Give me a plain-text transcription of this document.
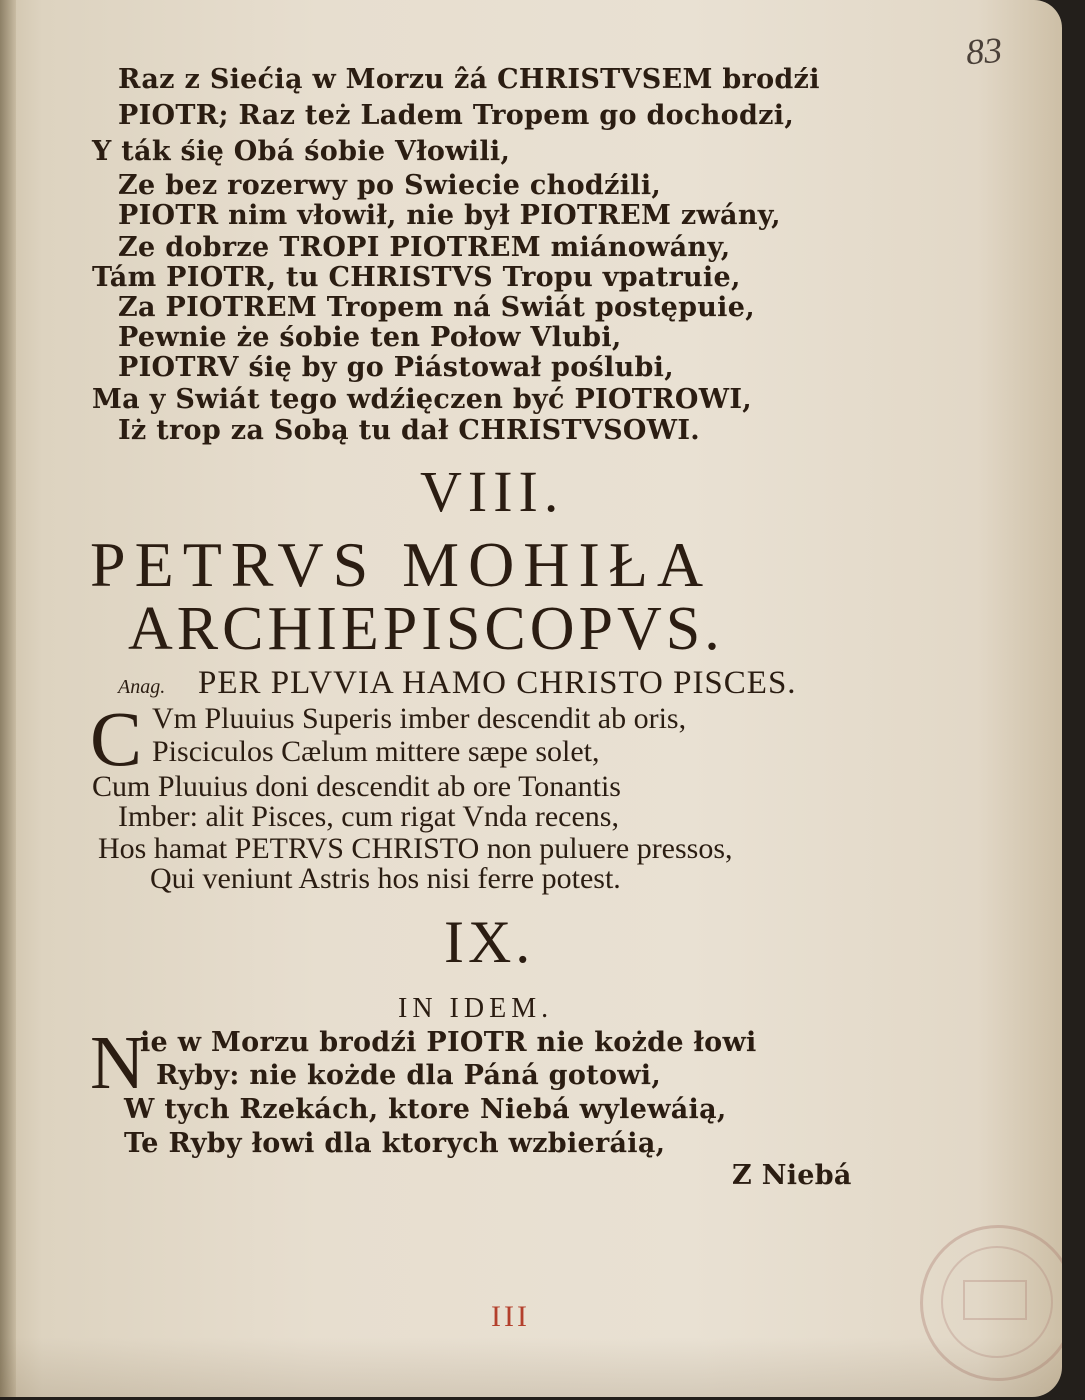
83
Raz z Siećią w Morzu ẑá CHRISTVSEM brodźi
PIOTR; Raz też Ladem Tropem go dochodzi,
Y ták śię Obá śobie Vłowili,
Ze bez rozerwy po Swiecie chodźili,
PIOTR nim vłowił, nie był PIOTREM zwány,
Ze dobrze TROPI PIOTREM miánowány,
Tám PIOTR, tu CHRISTVS Tropu vpatruie,
Za PIOTREM Tropem ná Swiát postępuie,
Pewnie że śobie ten Połow Vlubi,
PIOTRV śię by go Piástował poślubi,
Ma y Swiát tego wdźięczen być PIOTROWI,
Iż trop za Sobą tu dał CHRISTVSOWI.
VIII.
PETRVS MOHIŁA
ARCHIEPISCOPVS.
Anag. PER PLVVIA HAMO CHRISTO PISCES.
C Vm Pluuius Superis imber descendit ab oris,
Pisciculos Cælum mittere sæpe solet,
Cum Pluuius doni descendit ab ore Tonantis
Imber: alit Pisces, cum rigat Vnda recens,
Hos hamat PETRVS CHRISTO non puluere pressos,
Qui veniunt Astris hos nisi ferre potest.
IX.
IN IDEM.
N
ie w Morzu brodźi PIOTR nie kożde łowi
Ryby: nie kożde dla Páná gotowi,
W tych Rzekách, ktore Niebá wylewáią,
Te Ryby łowi dla ktorych wzbieráią,
Z Niebá
III
